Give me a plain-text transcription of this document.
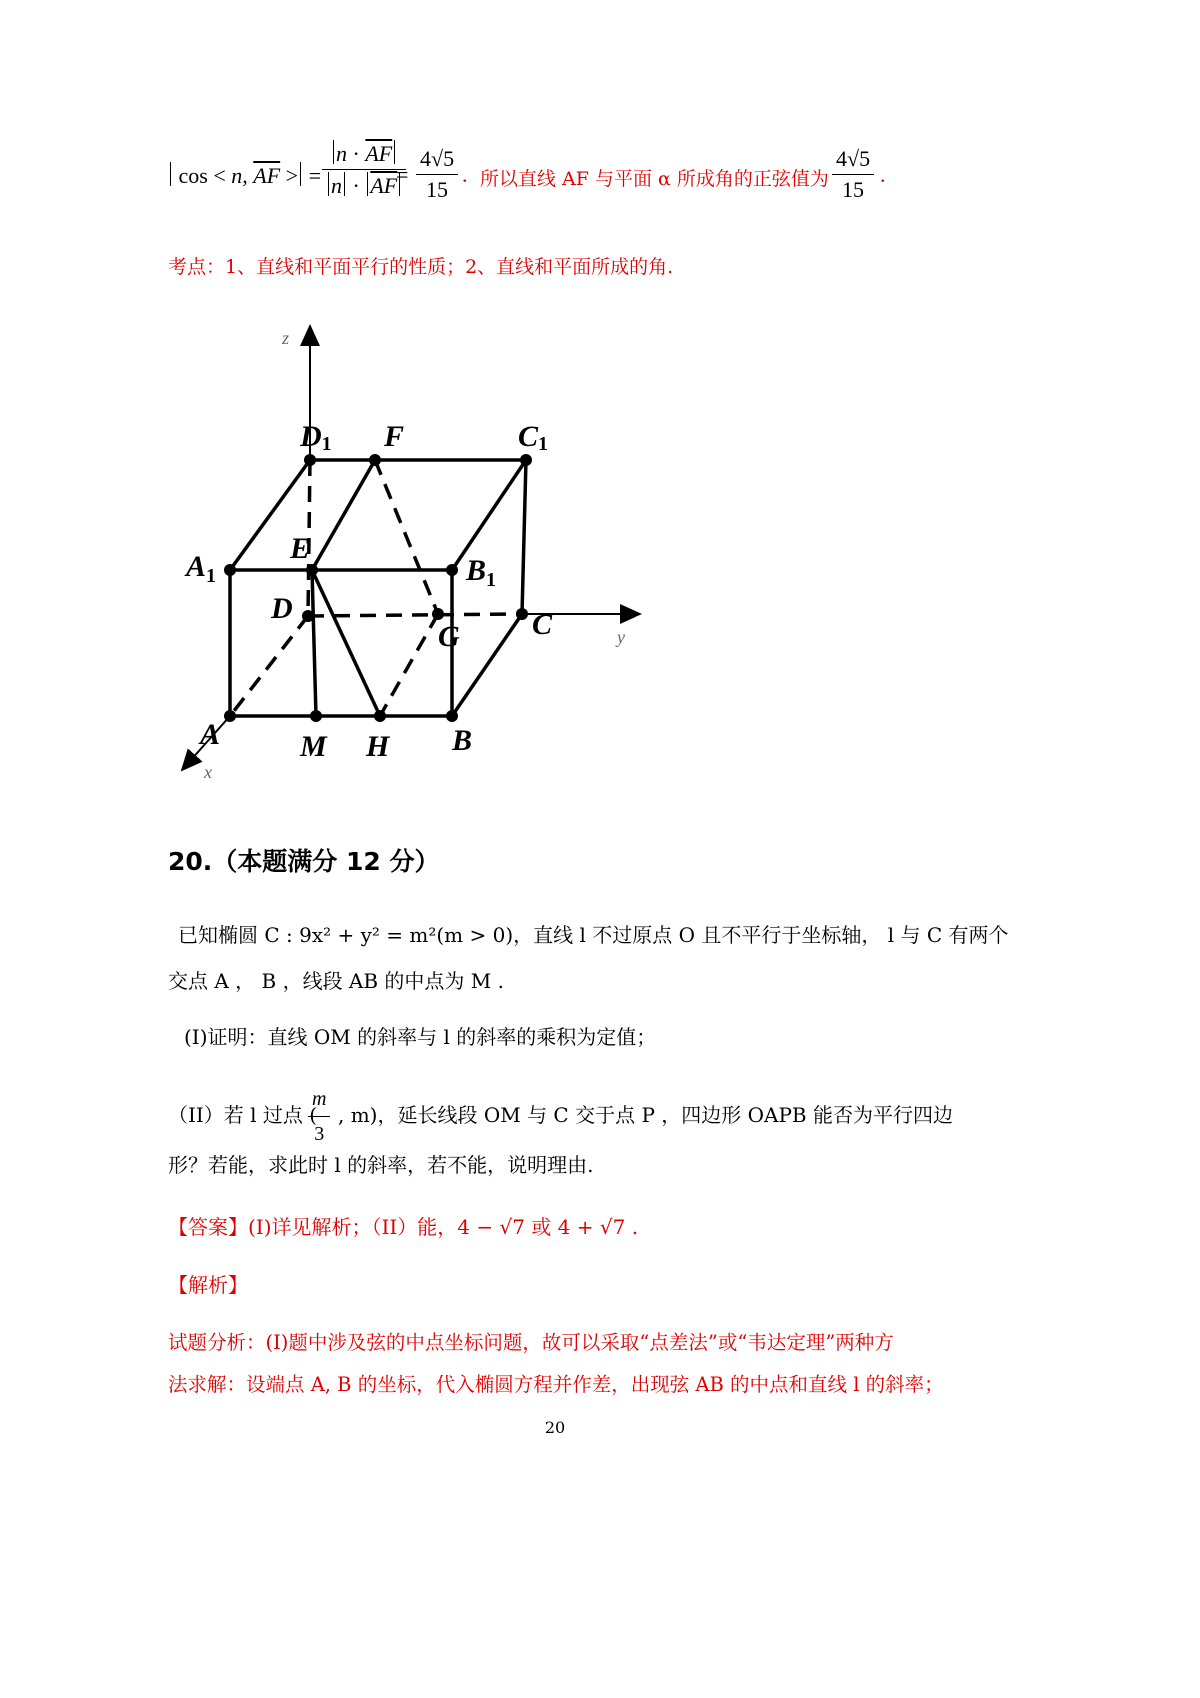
cos < n, $\overline{AF}$ > = $\frac{n \cdot \overline{AF}}{n \cdot \overline{AF}}$
= $\frac{4√5}{15}$ . 所以直线 AF 与平面 α 所成角的正弦值为 $\frac{4√5}{15}$ .
考点：1、直线和平面平行的性质；2、直线和平面所成的角.
z
y
x
D1 F	C1
$A_1$
E
$B_1$
D
G C
A	M H B
20.（本题满分 12 分）
已知椭圆 C : 9x² + y² = m²(m > 0)，直线 l 不过原点 O 且不平行于坐标轴， l 与 C 有两个
交点 A ， B ，线段 AB 的中点为 M .
(I)证明：直线 OM 的斜率与 l 的斜率的乘积为定值；
（II）若 l 过点 (
$\frac{m}{3}$ , m)，延长线段 OM 与 C 交于点 P ，四边形 OAPB 能否为平行四边
形？若能，求此时 l 的斜率，若不能，说明理由.
【答案】(I)详见解析；（II）能，4 − √7 或 4 + √7 .
【解析】
试题分析：(I)题中涉及弦的中点坐标问题，故可以采取“点差法”或“韦达定理”两种方
法求解：设端点 A, B 的坐标，代入椭圆方程并作差，出现弦 AB 的中点和直线 l 的斜率；
20
